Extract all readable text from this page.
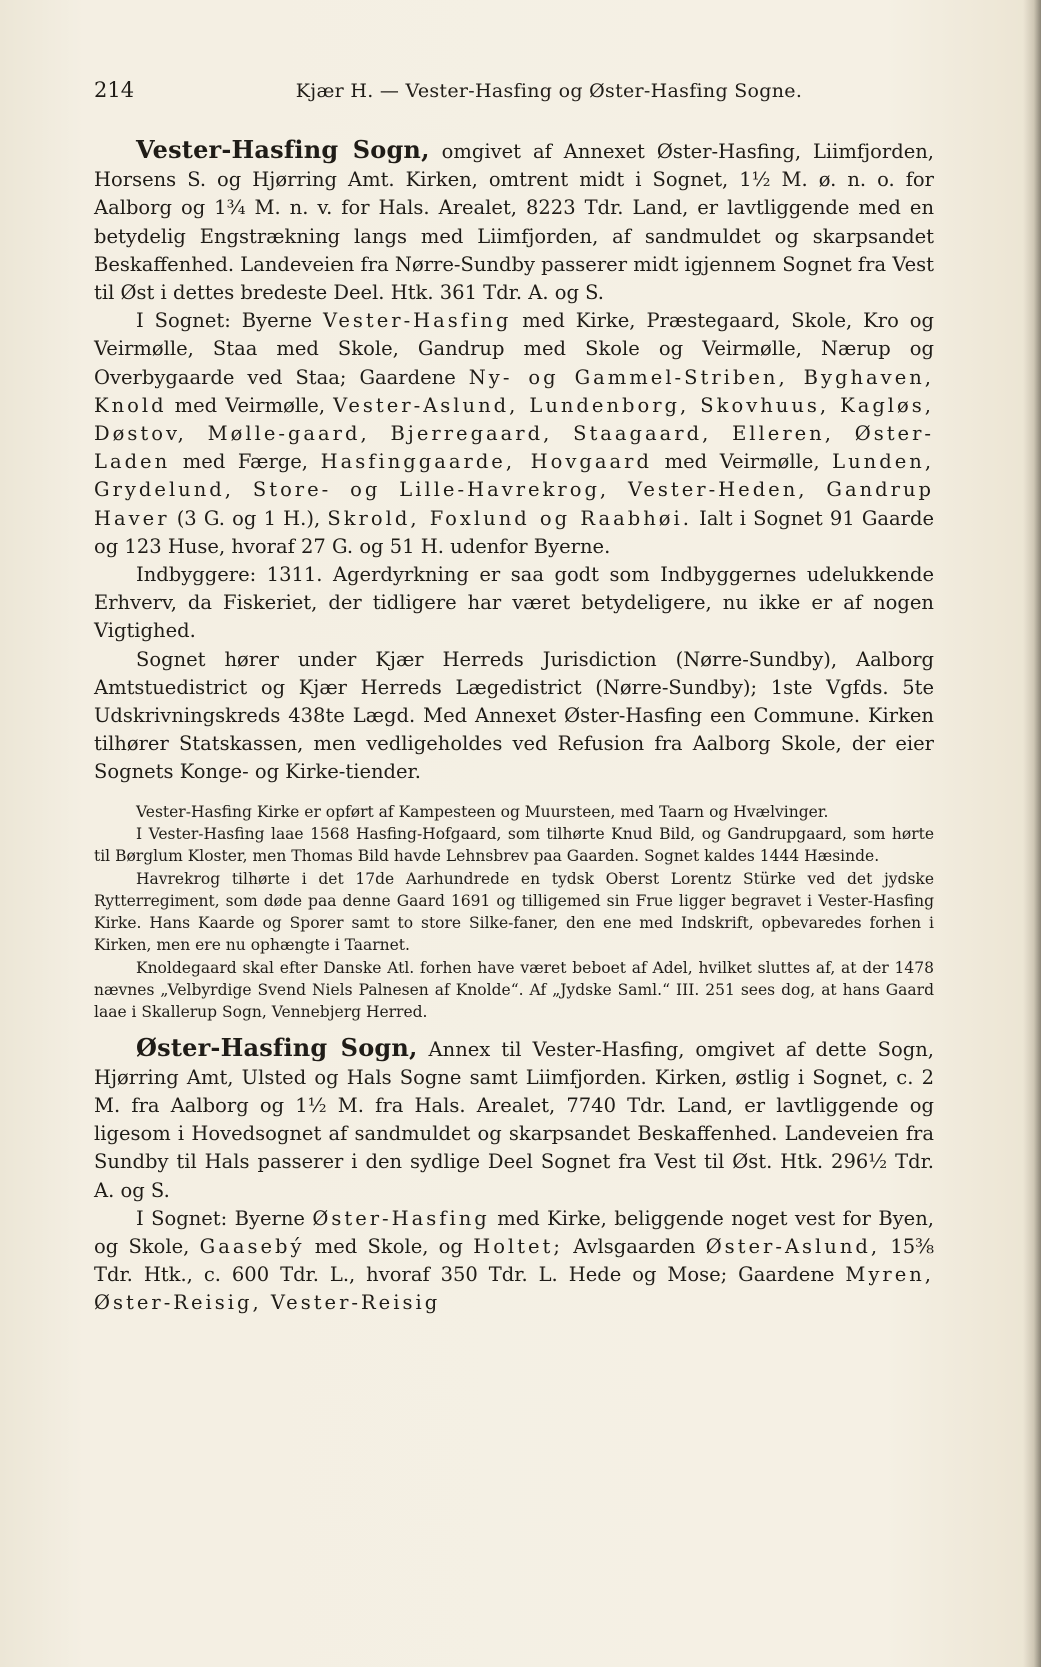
214	Kjær H. — Vester-Hasfing og Øster-Hasfing Sogne.

Vester-Hasfing Sogn, omgivet af Annexet Øster-Hasfing, Liimfjorden, Horsens S. og Hjørring Amt. Kirken, omtrent midt i Sognet, 1½ M. ø. n. o. for Aalborg og 1¾ M. n. v. for Hals. Arealet, 8223 Tdr. Land, er lavtliggende med en betydelig Engstrækning langs med Liimfjorden, af sandmuldet og skarpsandet Beskaffenhed. Landeveien fra Nørre-Sundby passerer midt igjennem Sognet fra Vest til Øst i dettes bredeste Deel. Htk. 361 Tdr. A. og S.

I Sognet: Byerne Vester-Hasfing med Kirke, Præstegaard, Skole, Kro og Veirmølle, Staa med Skole, Gandrup med Skole og Veirmølle, Nærup og Overbygaarde ved Staa; Gaardene Ny- og Gammel-Striben, Byghaven, Knold med Veirmølle, Vester-Aslund, Lundenborg, Skovhuus, Kagløs, Døstov, Mølle-gaard, Bjerregaard, Staagaard, Elleren, Øster-Laden med Færge, Hasfinggaarde, Hovgaard med Veirmølle, Lunden, Grydelund, Store- og Lille-Havrekrog, Vester-Heden, Gandrup Haver (3 G. og 1 H.), Skrold, Foxlund og Raabhøi. Ialt i Sognet 91 Gaarde og 123 Huse, hvoraf 27 G. og 51 H. udenfor Byerne.

Indbyggere: 1311. Agerdyrkning er saa godt som Indbyggernes udelukkende Erhverv, da Fiskeriet, der tidligere har været betydeligere, nu ikke er af nogen Vigtighed.

Sognet hører under Kjær Herreds Jurisdiction (Nørre-Sundby), Aalborg Amtstuedistrict og Kjær Herreds Lægedistrict (Nørre-Sundby); 1ste Vgfds. 5te Udskrivningskreds 438te Lægd. Med Annexet Øster-Hasfing een Commune. Kirken tilhører Statskassen, men vedligeholdes ved Refusion fra Aalborg Skole, der eier Sognets Konge- og Kirke-tiender.

Vester-Hasfing Kirke er opført af Kampesteen og Muursteen, med Taarn og Hvælvinger.

I Vester-Hasfing laae 1568 Hasfing-Hofgaard, som tilhørte Knud Bild, og Gandrupgaard, som hørte til Børglum Kloster, men Thomas Bild havde Lehnsbrev paa Gaarden. Sognet kaldes 1444 Hæsinde.

Havrekrog tilhørte i det 17de Aarhundrede en tydsk Oberst Lorentz Stürke ved det jydske Rytterregiment, som døde paa denne Gaard 1691 og tilligemed sin Frue ligger begravet i Vester-Hasfing Kirke. Hans Kaarde og Sporer samt to store Silke-faner, den ene med Indskrift, opbevaredes forhen i Kirken, men ere nu ophængte i Taarnet.

Knoldegaard skal efter Danske Atl. forhen have været beboet af Adel, hvilket sluttes af, at der 1478 nævnes „Velbyrdige Svend Niels Palnesen af Knolde“. Af „Jydske Saml.“ III. 251 sees dog, at hans Gaard laae i Skallerup Sogn, Vennebjerg Herred.

Øster-Hasfing Sogn, Annex til Vester-Hasfing, omgivet af dette Sogn, Hjørring Amt, Ulsted og Hals Sogne samt Liimfjorden. Kirken, østlig i Sognet, c. 2 M. fra Aalborg og 1½ M. fra Hals. Arealet, 7740 Tdr. Land, er lavtliggende og ligesom i Hovedsognet af sandmuldet og skarpsandet Beskaffenhed. Landeveien fra Sundby til Hals passerer i den sydlige Deel Sognet fra Vest til Øst. Htk. 296½ Tdr. A. og S.

I Sognet: Byerne Øster-Hasfing med Kirke, beliggende noget vest for Byen, og Skole, Gaasebý med Skole, og Holtet; Avlsgaarden Øster-Aslund, 15⅜ Tdr. Htk., c. 600 Tdr. L., hvoraf 350 Tdr. L. Hede og Mose; Gaardene Myren, Øster-Reisig, Vester-Reisig
